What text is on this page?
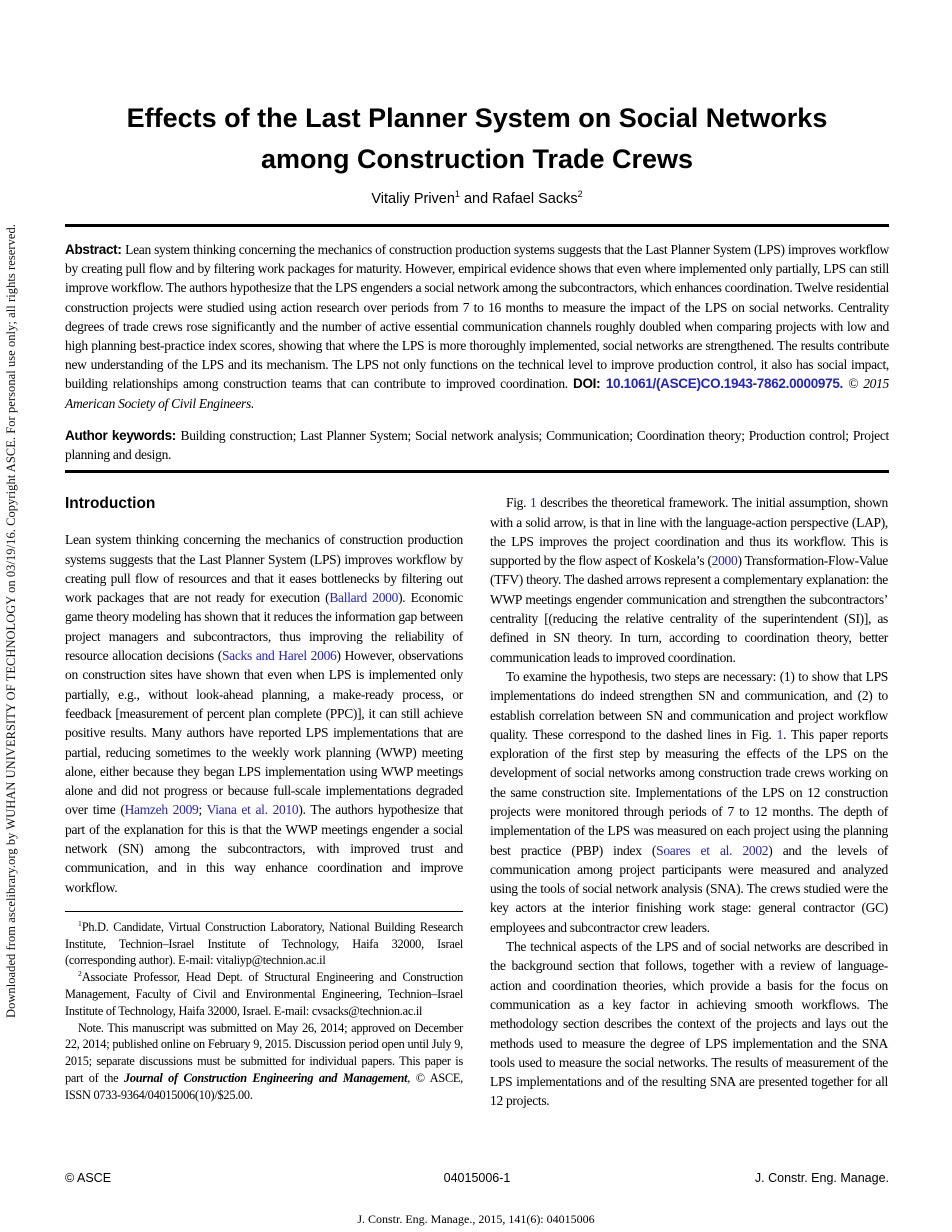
Downloaded from ascelibrary.org by WUHAN UNIVERSITY OF TECHNOLOGY on 03/19/16. Copyright ASCE. For personal use only; all rights reserved.
Effects of the Last Planner System on Social Networks
among Construction Trade Crews
Vitaliy Priven$^1$ and Rafael Sacks$^2$

Abstract: Lean system thinking concerning the mechanics of construction production systems suggests that the Last Planner System (LPS) improves workflow by creating pull flow and by filtering work packages for maturity. However, empirical evidence shows that even where implemented only partially, LPS can still improve workflow. The authors hypothesize that the LPS engenders a social network among the subcontractors, which enhances coordination. Twelve residential construction projects were studied using action research over periods from 7 to 16 months to measure the impact of the LPS on social networks. Centrality degrees of trade crews rose significantly and the number of active essential communication channels roughly doubled when comparing projects with low and high planning best-practice index scores, showing that where the LPS is more thoroughly implemented, social networks are strengthened. The results contribute new understanding of the LPS and its mechanism. The LPS not only functions on the technical level to improve production control, it also has social impact, building relationships among construction teams that can contribute to improved coordination. DOI: 10.1061/(ASCE)CO.1943-7862.0000975. © 2015 American Society of Civil Engineers.

Author keywords: Building construction; Last Planner System; Social network analysis; Communication; Coordination theory; Production control; Project planning and design.

Introduction

Lean system thinking concerning the mechanics of construction production systems suggests that the Last Planner System (LPS) improves workflow by creating pull flow of resources and that it eases bottlenecks by filtering out work packages that are not ready for execution (Ballard 2000). Economic game theory modeling has shown that it reduces the information gap between project managers and subcontractors, thus improving the reliability of resource allocation decisions (Sacks and Harel 2006) However, observations on construction sites have shown that even when LPS is implemented only partially, e.g., without look-ahead planning, a make-ready process, or feedback [measurement of percent plan complete (PPC)], it can still achieve positive results. Many authors have reported LPS implementations that are partial, reducing sometimes to the weekly work planning (WWP) meeting alone, either because they began LPS implementation using WWP meetings alone and did not progress or because full-scale implementations degraded over time (Hamzeh 2009; Viana et al. 2010). The authors hypothesize that part of the explanation for this is that the WWP meetings engender a social network (SN) among the subcontractors, with improved trust and communication, and in this way enhance coordination and improve workflow.

$^1$Ph.D. Candidate, Virtual Construction Laboratory, National Building Research Institute, Technion–Israel Institute of Technology, Haifa 32000, Israel (corresponding author). E-mail: vitaliyp@technion.ac.il

$^2$Associate Professor, Head Dept. of Structural Engineering and Construction Management, Faculty of Civil and Environmental Engineering, Technion–Israel Institute of Technology, Haifa 32000, Israel. E-mail: cvsacks@technion.ac.il

Note. This manuscript was submitted on May 26, 2014; approved on December 22, 2014; published online on February 9, 2015. Discussion period open until July 9, 2015; separate discussions must be submitted for individual papers. This paper is part of the Journal of Construction Engineering and Management, © ASCE, ISSN 0733-9364/04015006(10)/$25.00.

Fig. 1 describes the theoretical framework. The initial assumption, shown with a solid arrow, is that in line with the language-action perspective (LAP), the LPS improves the project coordination and thus its workflow. This is supported by the flow aspect of Koskela’s (2000) Transformation-Flow-Value (TFV) theory. The dashed arrows represent a complementary explanation: the WWP meetings engender communication and strengthen the subcontractors’ centrality [(reducing the relative centrality of the superintendent (SI)], as defined in SN theory. In turn, according to coordination theory, better communication leads to improved coordination.

To examine the hypothesis, two steps are necessary: (1) to show that LPS implementations do indeed strengthen SN and communication, and (2) to establish correlation between SN and communication and project workflow quality. These correspond to the dashed lines in Fig. 1. This paper reports exploration of the first step by measuring the effects of the LPS on the development of social networks among construction trade crews working on the same construction site. Implementations of the LPS on 12 construction projects were monitored through periods of 7 to 12 months. The depth of implementation of the LPS was measured on each project using the planning best practice (PBP) index (Soares et al. 2002) and the levels of communication among project participants were measured and analyzed using the tools of social network analysis (SNA). The crews studied were the key actors at the interior finishing work stage: general contractor (GC) employees and subcontractor crew leaders.

The technical aspects of the LPS and of social networks are described in the background section that follows, together with a review of language-action and coordination theories, which provide a basis for the focus on communication as a key factor in achieving smooth workflows. The methodology section describes the context of the projects and lays out the methods used to measure the degree of LPS implementation and the SNA tools used to measure the social networks. The results of measurement of the LPS implementations and of the resulting SNA are presented together for all 12 projects.

© ASCE	04015006-1	J. Constr. Eng. Manage.
J. Constr. Eng. Manage., 2015, 141(6): 04015006
